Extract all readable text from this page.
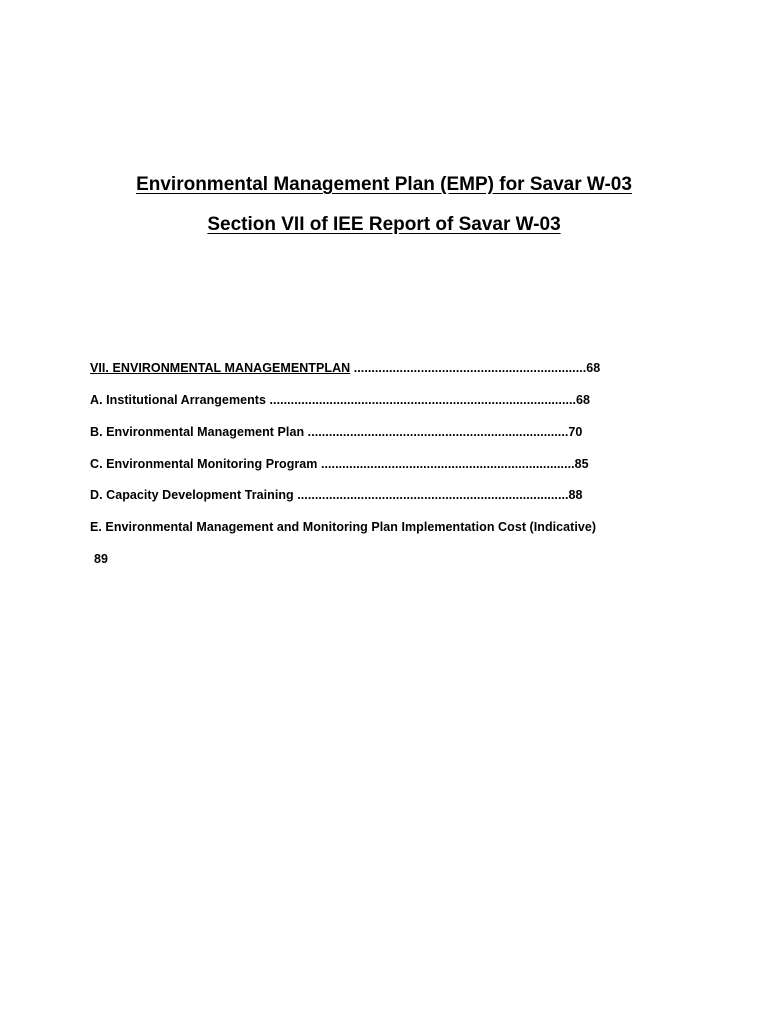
Environmental Management Plan (EMP) for Savar W-03
Section VII of IEE Report of Savar W-03
VII. ENVIRONMENTAL MANAGEMENTPLAN ..................................................................68
A. Institutional Arrangements .......................................................................................68
B. Environmental Management Plan ..........................................................................70
C. Environmental Monitoring Program ........................................................................85
D. Capacity Development Training .............................................................................88
E. Environmental Management and Monitoring Plan Implementation Cost (Indicative)
89
